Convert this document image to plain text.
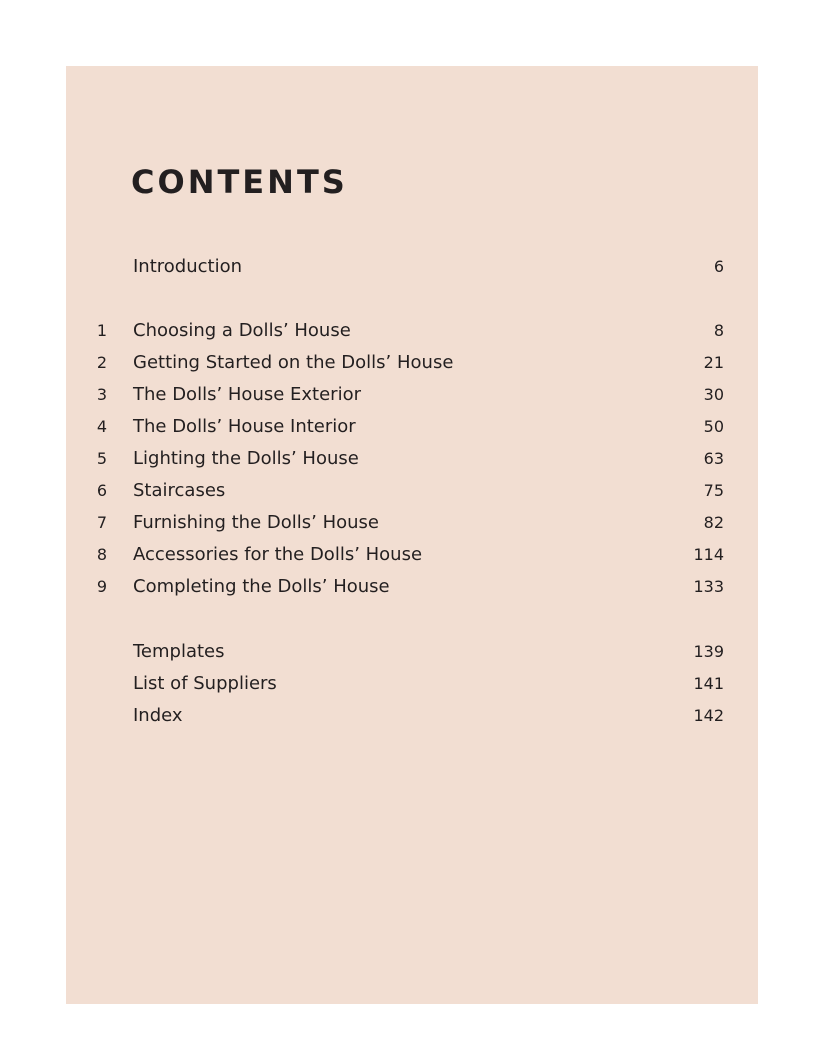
CONTENTS
Introduction	6
1	Choosing a Dolls’ House	8
2	Getting Started on the Dolls’ House	21
3	The Dolls’ House Exterior	30
4	The Dolls’ House Interior	50
5	Lighting the Dolls’ House	63
6	Staircases	75
7	Furnishing the Dolls’ House	82
8	Accessories for the Dolls’ House	114
9	Completing the Dolls’ House	133
Templates	139
List of Suppliers	141
Index	142
